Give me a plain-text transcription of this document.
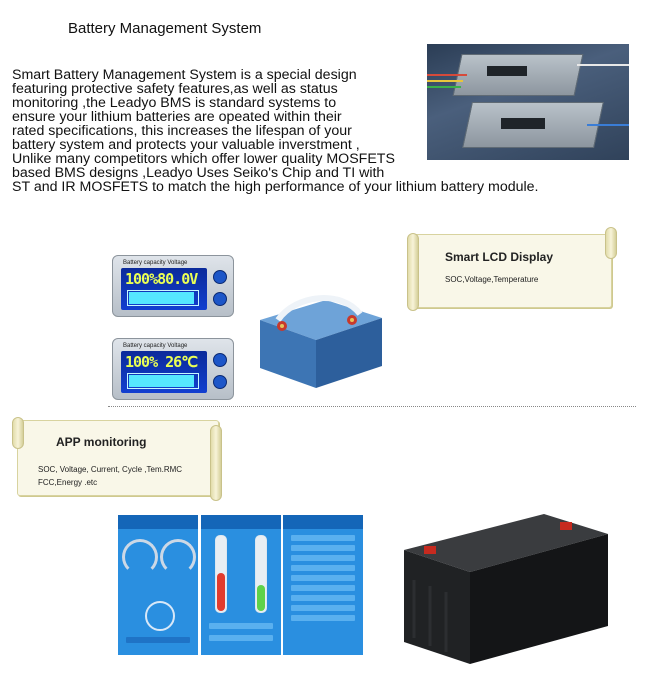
Battery Management System
Smart Battery Management System is a special design
featuring protective safety features,as well as status
monitoring ,the Leadyo BMS is standard systems to
ensure your lithium batteries are opeated within their
rated specifications, this increases the lifespan of your
battery system and protects your valuable inverstment ,
Unlike many competitors which offer lower quality MOSFETS
based BMS designs ,Leadyo Uses Seiko's Chip and TI with
ST and IR MOSFETS to match the high performance of your lithium battery module.
Battery capacity Voltage
100%80.0V
Battery capacity Voltage
100% 26℃
Smart LCD Display
SOC,Voltage,Temperature
APP monitoring
SOC, Voltage, Current, Cycle ,Tem.RMC
FCC,Energy .etc
